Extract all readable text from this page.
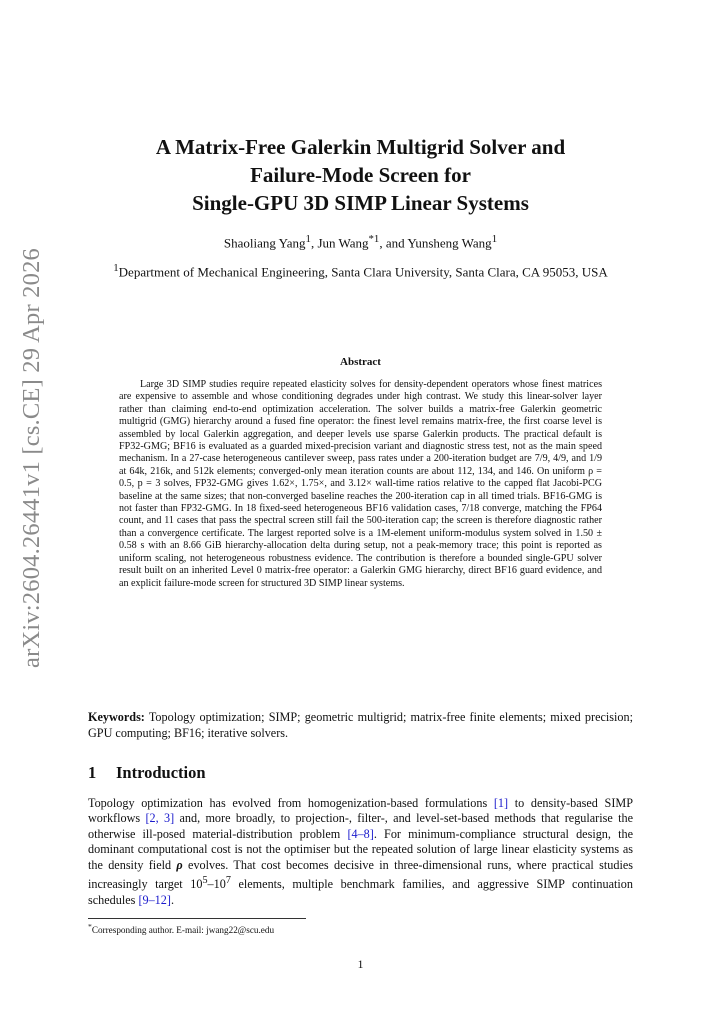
arXiv:2604.26441v1 [cs.CE] 29 Apr 2026
A Matrix-Free Galerkin Multigrid Solver and
Failure-Mode Screen for
Single-GPU 3D SIMP Linear Systems
Shaoliang Yang$^1$, Jun Wang$^{*1}$, and Yunsheng Wang$^1$
$^1$Department of Mechanical Engineering, Santa Clara University, Santa Clara, CA 95053, USA
Abstract
Large 3D SIMP studies require repeated elasticity solves for density-dependent operators whose finest matrices are expensive to assemble and whose conditioning degrades under high contrast. We study this linear-solver layer rather than claiming end-to-end optimization acceleration. The solver builds a matrix-free Galerkin geometric multigrid (GMG) hierarchy around a fused fine operator: the finest level remains matrix-free, the first coarse level is assembled by local Galerkin aggregation, and deeper levels use sparse Galerkin products. The practical default is FP32-GMG; BF16 is evaluated as a guarded mixed-precision variant and diagnostic stress test, not as the main speed mechanism. In a 27-case heterogeneous cantilever sweep, pass rates under a 200-iteration budget are 7/9, 4/9, and 1/9 at 64k, 216k, and 512k elements; converged-only mean iteration counts are about 112, 134, and 146. On uniform ρ = 0.5, p = 3 solves, FP32-GMG gives 1.62×, 1.75×, and 3.12× wall-time ratios relative to the capped flat Jacobi-PCG baseline at the same sizes; that non-converged baseline reaches the 200-iteration cap in all timed trials. BF16-GMG is not faster than FP32-GMG. In 18 fixed-seed heterogeneous BF16 validation cases, 7/18 converge, matching the FP64 count, and 11 cases that pass the spectral screen still fail the 500-iteration cap; the screen is therefore diagnostic rather than a convergence certificate. The largest reported solve is a 1M-element uniform-modulus system solved in 1.50 ± 0.58 s with an 8.66 GiB hierarchy-allocation delta during setup, not a peak-memory trace; this point is reported as uniform scaling, not heterogeneous robustness evidence. The contribution is therefore a bounded single-GPU solver result built on an inherited Level 0 matrix-free operator: a Galerkin GMG hierarchy, direct BF16 guard evidence, and an explicit failure-mode screen for structured 3D SIMP linear systems.
Keywords: Topology optimization; SIMP; geometric multigrid; matrix-free finite elements; mixed precision; GPU computing; BF16; iterative solvers.
1 Introduction
Topology optimization has evolved from homogenization-based formulations [1] to density-based SIMP workflows [2, 3] and, more broadly, to projection-, filter-, and level-set-based methods that regularise the otherwise ill-posed material-distribution problem [4–8]. For minimum-compliance structural design, the dominant computational cost is not the optimiser but the repeated solution of large linear elasticity systems as the density field ρ evolves. That cost becomes decisive in three-dimensional runs, where practical studies increasingly target $10^5-10^7$ elements, multiple benchmark families, and aggressive SIMP continuation schedules [9–12].
*Corresponding author. E-mail: jwang22@scu.edu
1
